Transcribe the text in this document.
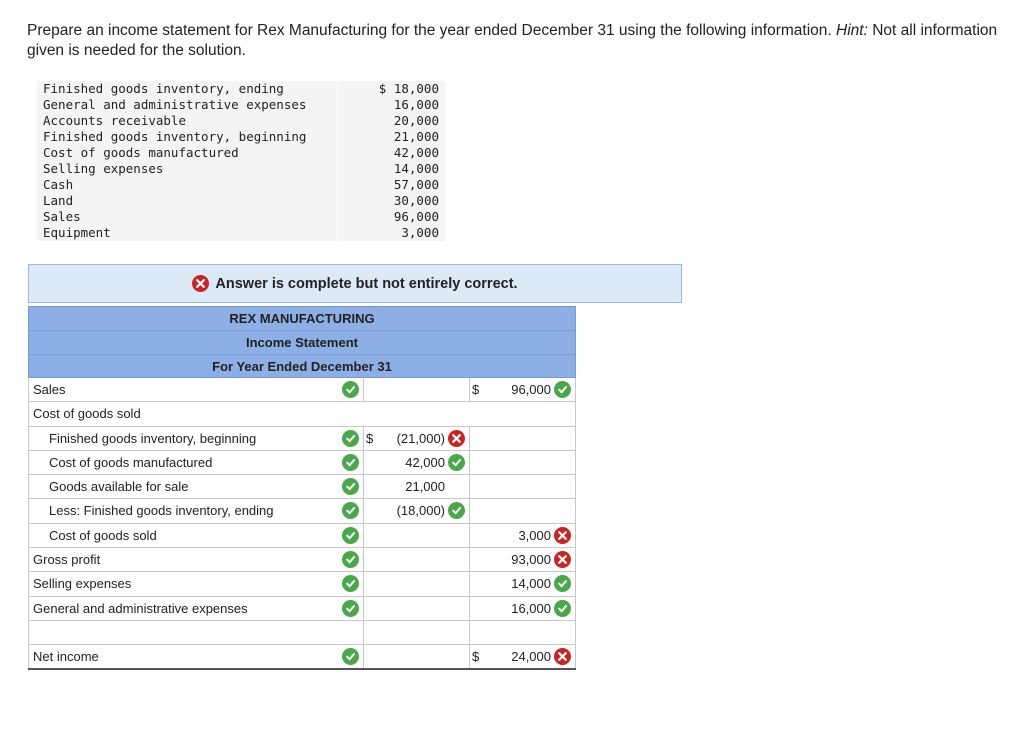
Prepare an income statement for Rex Manufacturing for the year ended December 31 using the following information. Hint: Not all information given is needed for the solution.
Finished goods inventory, ending	$ 18,000
General and administrative expenses	16,000
Accounts receivable	20,000
Finished goods inventory, beginning	21,000
Cost of goods manufactured	42,000
Selling expenses	14,000
Cash	57,000
Land	30,000
Sales	96,000
Equipment	3,000
Answer is complete but not entirely correct.
REX MANUFACTURING
Income Statement
For Year Ended December 31
Sales	$ 96,000
Cost of goods sold
Finished goods inventory, beginning	$ (21,000)
Cost of goods manufactured	42,000
Goods available for sale	21,000
Less: Finished goods inventory, ending	(18,000)
Cost of goods sold	3,000
Gross profit	93,000
Selling expenses	14,000
General and administrative expenses	16,000
Net income	$ 24,000
